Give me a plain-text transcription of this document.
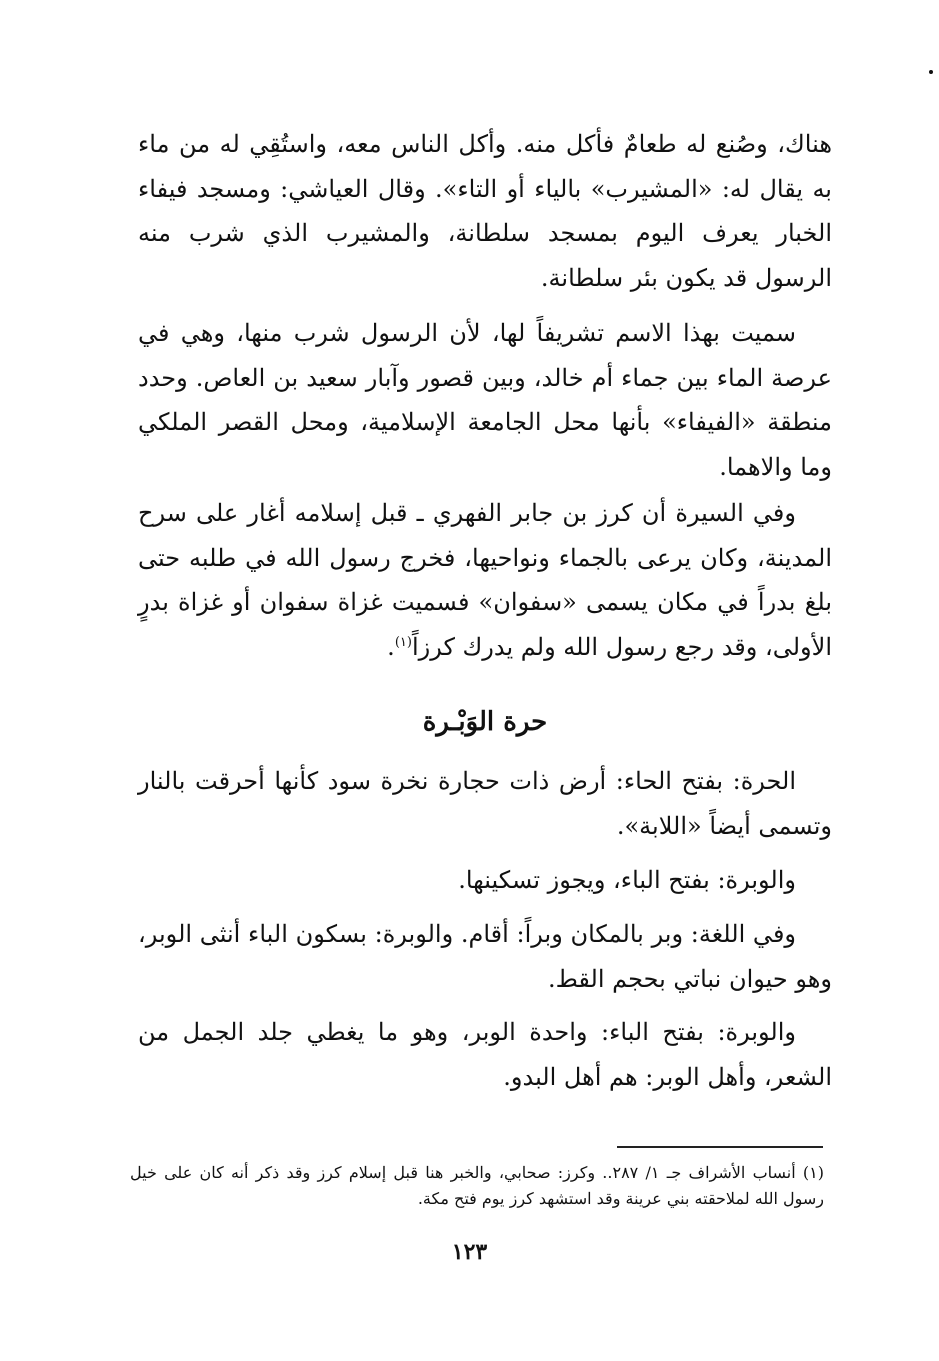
هناك، وصُنع له طعامٌ فأكل منه. وأكل الناس معه، واستُقِي له من ماء به يقال له: «المشيرب» بالياء أو التاء». وقال العياشي: ومسجد فيفاء الخبار يعرف اليوم بمسجد سلطانة، والمشيرب الذي شرب منه الرسول قد يكون بئر سلطانة.

سميت بهذا الاسم تشريفاً لها، لأن الرسول شرب منها، وهي في عرصة الماء بين جماء أم خالد، وبين قصور وآبار سعيد بن العاص. وحدد منطقة «الفيفاء» بأنها محل الجامعة الإسلامية، ومحل القصر الملكي وما والاهما.

وفي السيرة أن كرز بن جابر الفهري ـ قبل إسلامه أغار على سرح المدينة، وكان يرعى بالجماء ونواحيها، فخرج رسول الله في طلبه حتى بلغ بدراً في مكان يسمى «سفوان» فسميت غزاة سفوان أو غزاة بدرٍ الأولى، وقد رجع رسول الله ولم يدرك كرزاً$^{(١)}$.

حرة الوَبْـرة

الحرة: بفتح الحاء: أرض ذات حجارة نخرة سود كأنها أحرقت بالنار وتسمى أيضاً «اللابة».

والوبرة: بفتح الباء، ويجوز تسكينها.

وفي اللغة: وبر بالمكان وبراً: أقام. والوبرة: بسكون الباء أنثى الوبر، وهو حيوان نباتي بحجم القط.

والوبرة: بفتح الباء: واحدة الوبر، وهو ما يغطي جلد الجمل من الشعر، وأهل الوبر: هم أهل البدو.

(١) أنساب الأشراف جـ ١/ ٢٨٧.. وكرز: صحابي، والخبر هنا قبل إسلام كرز وقد ذكر أنه كان على خيل رسول الله لملاحقته بني عرينة وقد استشهد كرز يوم فتح مكة.

١٢٣
